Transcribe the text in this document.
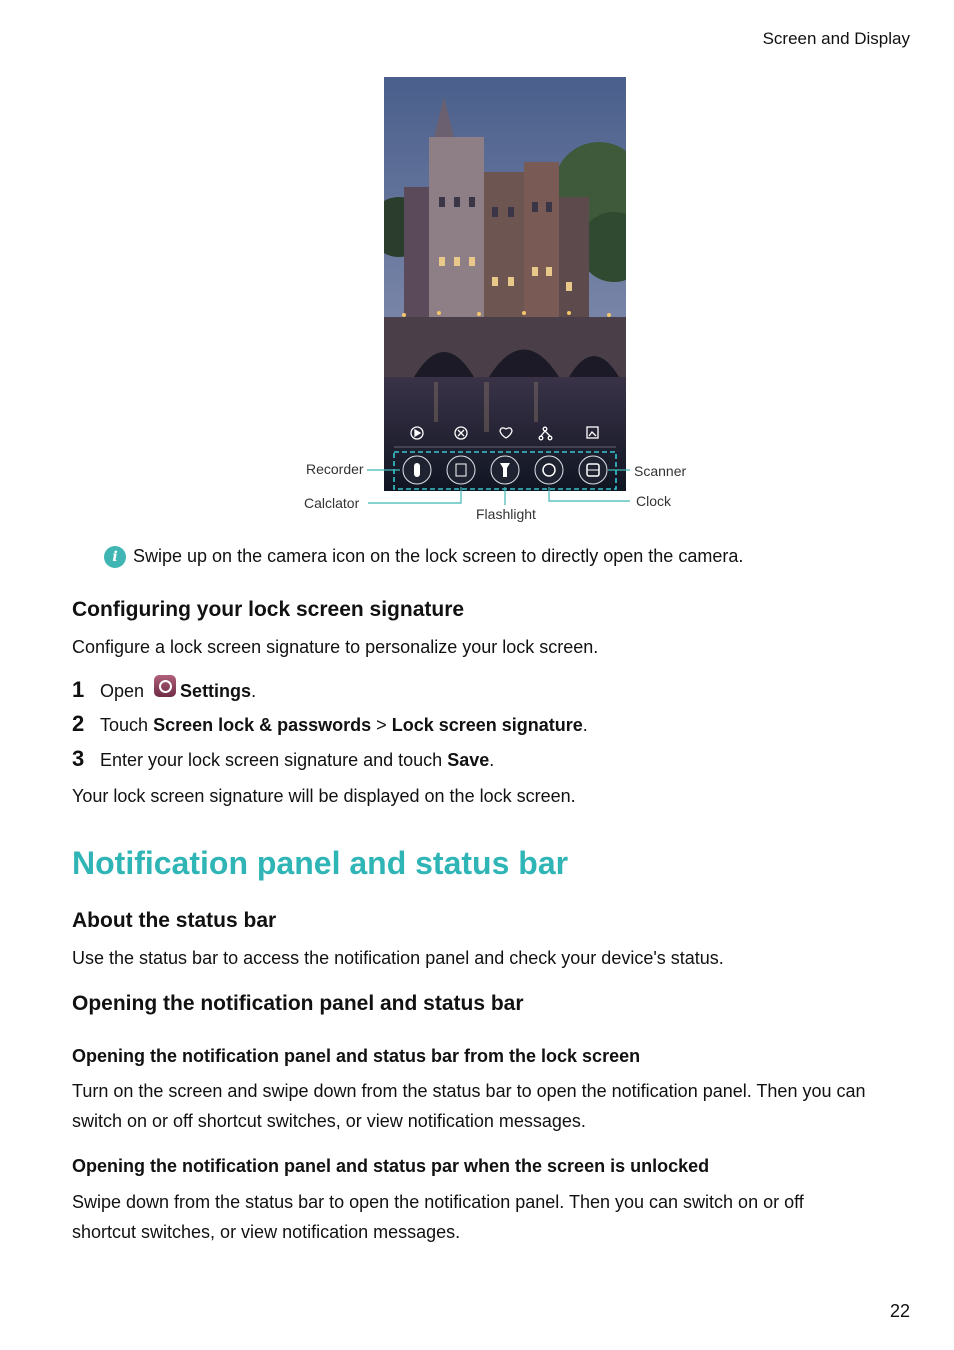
Screen and Display
Recorder
Calclator
Flashlight
Clock
Scanner
i Swipe up on the camera icon on the lock screen to directly open the camera.
Configuring your lock screen signature

Configure a lock screen signature to personalize your lock screen.

1 Open Settings .
2 Touch
Screen lock & passwords
>
Lock screen signature .
3 Enter your lock screen signature and touch
Save .

Your lock screen signature will be displayed on the lock screen.

Notification panel and status bar
About the status bar

Use the status bar to access the notification panel and check your device's status.

Opening the notification panel and status bar
Opening the notification panel and status bar from the lock screen

Turn on the screen and swipe down from the status bar to open the notification panel. Then you can switch on or off shortcut switches, or view notification messages.

Opening the notification panel and status par when the screen is unlocked

Swipe down from the status bar to open the notification panel. Then you can switch on or off shortcut switches, or view notification messages.

22
